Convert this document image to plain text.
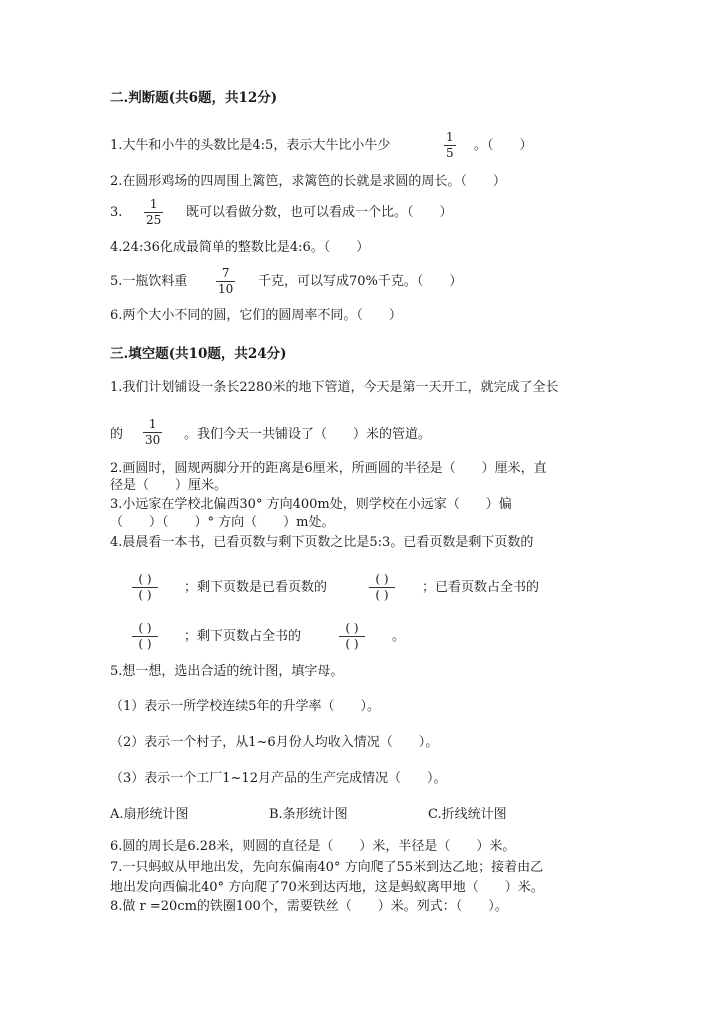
二.判断题(共6题，共12分)
1.大牛和小牛的头数比是4:5，表示大牛比小牛少
1
5 。（　　）
2.在圆形鸡场的四周围上篱笆，求篱笆的长就是求圆的周长。（　　）
3.
1
25 既可以看做分数，也可以看成一个比。（　　）
4.24:36化成最简单的整数比是4:6。（　　）
5.一瓶饮料重
7
10 千克，可以写成70%千克。（　　）
6.两个大小不同的圆，它们的圆周率不同。（　　）
三.填空题(共10题，共24分)
1.我们计划铺设一条长2280米的地下管道，今天是第一天开工，就完成了全长
的
1
30 。我们今天一共铺设了（　　）米的管道。
2.画圆时，圆规两脚分开的距离是6厘米，所画圆的半径是（　　）厘米，直
径是（　　）厘米。
3.小远家在学校北偏西30° 方向400m处，则学校在小远家（　　）偏
（　　）（　　）° 方向（　　）m处。
4.晨晨看一本书，已看页数与剩下页数之比是5:3。已看页数是剩下页数的
( )
( ) ；剩下页数是已看页数的
( )
( )	；已看页数占全书的
( )
( ) ；剩下页数占全书的
( )
( )	。
5.想一想，选出合适的统计图，填字母。
（1）表示一所学校连续5年的升学率（　　）。
（2）表示一个村子，从1~6月份人均收入情况（　　）。
（3）表示一个工厂1~12月产品的生产完成情况（　　）。
A.扇形统计图	B.条形统计图	C.折线统计图
6.圆的周长是6.28米，则圆的直径是（　　）米，半径是（　　）米。
7.一只蚂蚁从甲地出发，先向东偏南40° 方向爬了55米到达乙地；接着由乙
地出发向西偏北40° 方向爬了70米到达丙地，这是蚂蚁离甲地（　　）米。
8.做 r =20cm的铁圈100个，需要铁丝（　　）米。列式：（　　）。
